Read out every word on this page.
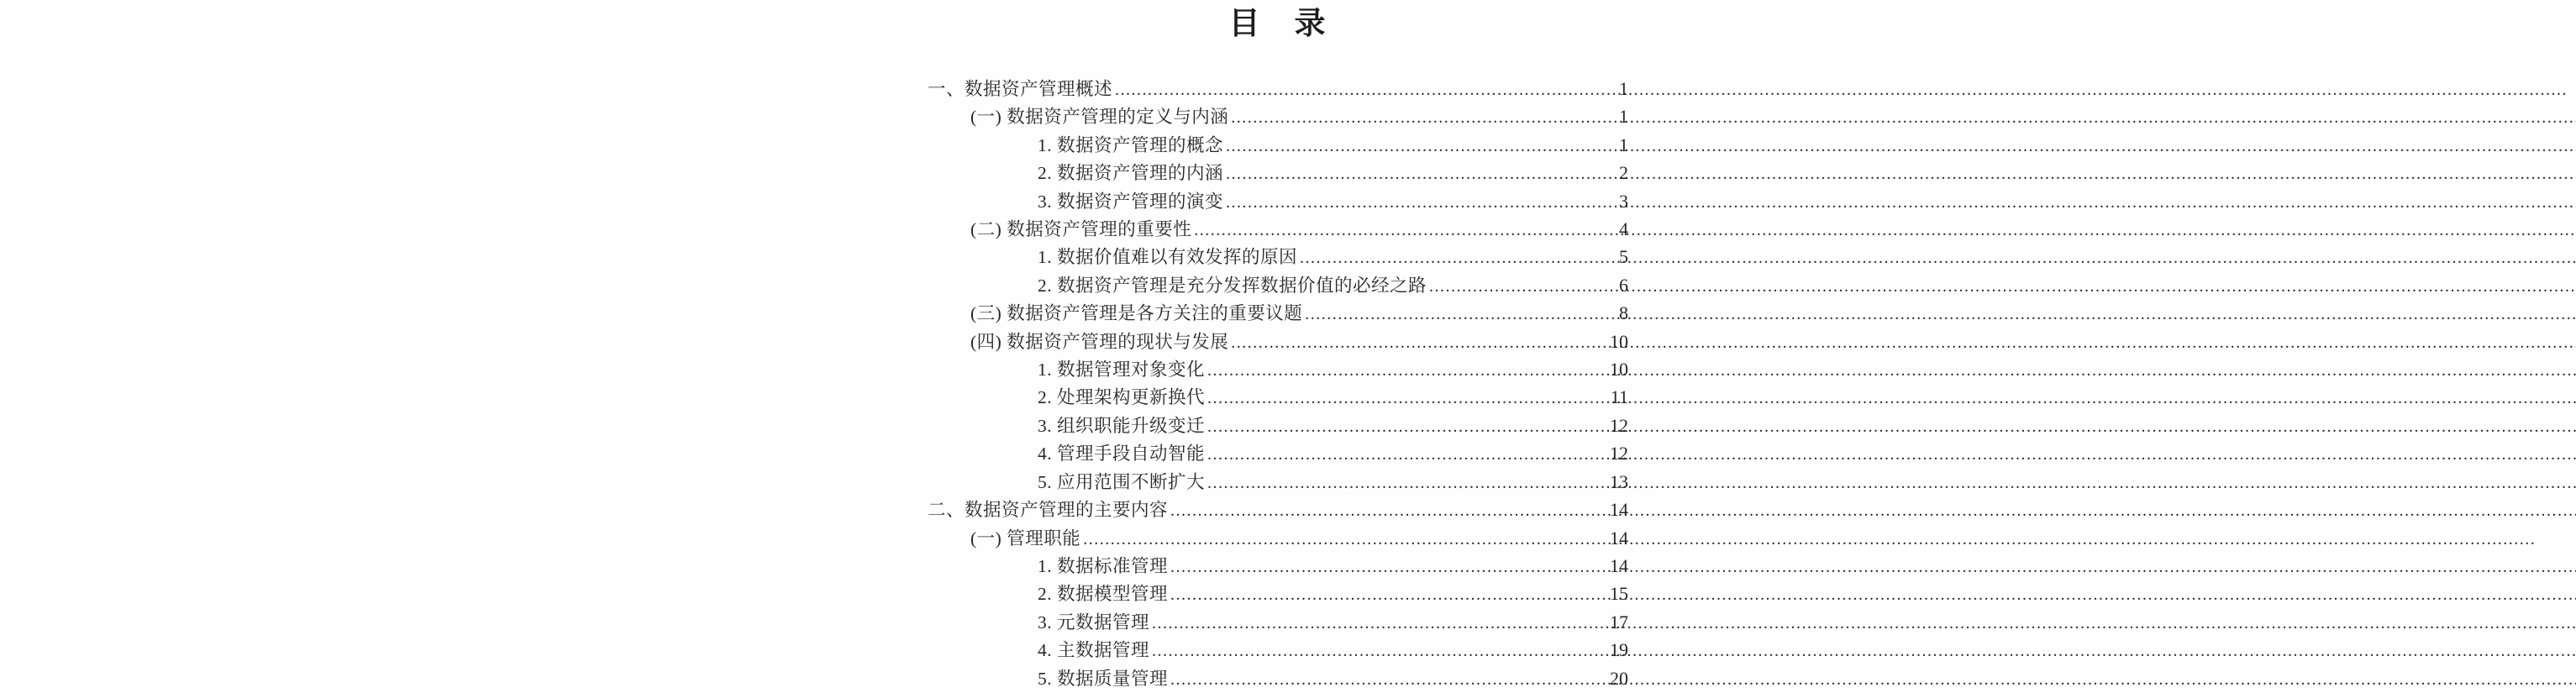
目　录
一、数据资产管理概述 .....	1
(一) 数据资产管理的定义与内涵 .....	1
1. 数据资产管理的概念 .....	1
2. 数据资产管理的内涵 .....	2
3. 数据资产管理的演变 .....	3
(二) 数据资产管理的重要性 .....	4
1. 数据价值难以有效发挥的原因 .....	5
2. 数据资产管理是充分发挥数据价值的必经之路 .....	6
(三) 数据资产管理是各方关注的重要议题 .....	8
(四) 数据资产管理的现状与发展 .....	10
1. 数据管理对象变化 .....	10
2. 处理架构更新换代 .....	11
3. 组织职能升级变迁 .....	12
4. 管理手段自动智能 .....	12
5. 应用范围不断扩大 .....	13
二、数据资产管理的主要内容 .....	14
(一) 管理职能 .....	14
1. 数据标准管理 .....	14
2. 数据模型管理 .....	15
3. 元数据管理 .....	17
4. 主数据管理 .....	19
5. 数据质量管理 .....	20
